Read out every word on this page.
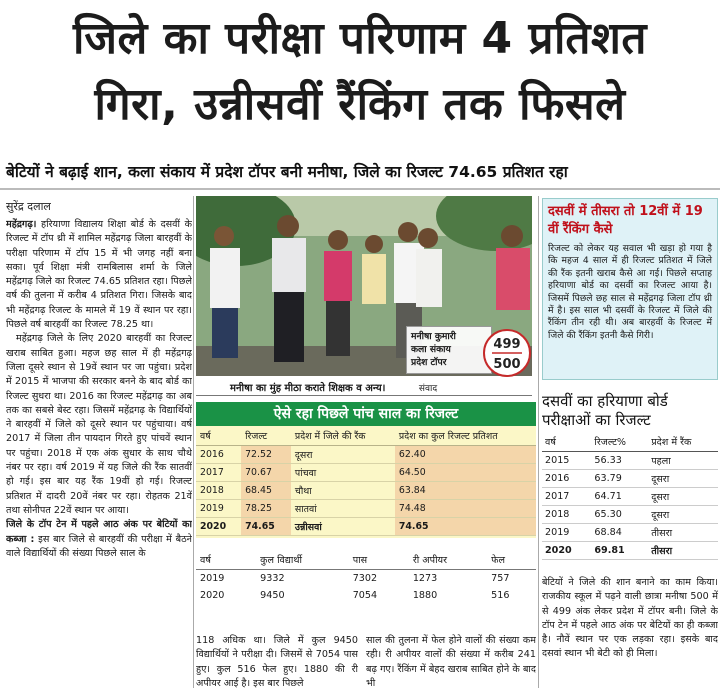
जिले का परीक्षा परिणाम 4 प्रतिशत
गिरा, उन्नीसवीं रैंकिंग तक फिसले
बेटियों ने बढ़ाई शान, कला संकाय में प्रदेश टॉपर बनी मनीषा, जिले का रिजल्ट 74.65 प्रतिशत रहा
सुरेंद्र दलाल

महेंद्रगढ़। हरियाणा विद्यालय शिक्षा बोर्ड के दसवीं के रिजल्ट में टॉप थ्री में शामिल महेंद्रगढ़ जिला बारहवीं के परीक्षा परिणाम में टॉप 15 में भी जगह नहीं बना सका। पूर्व शिक्षा मंत्री रामबिलास शर्मा के जिले महेंद्रगढ़ जिले का रिजल्ट 74.65 प्रतिशत रहा। पिछले वर्ष की तुलना में करीब 4 प्रतिशत गिरा। जिसके बाद भी महेंद्रगढ़ रिजल्ट के मामले में 19 वें स्थान पर रहा। पिछले वर्ष बारहवीं का रिजल्ट 78.25 था।

महेंद्रगढ़ जिले के लिए 2020 बारहवीं का रिजल्ट खराब साबित हुआ। महज छह साल में ही महेंद्रगढ़ जिला दूसरे स्थान से 19वें स्थान पर जा पहुंचा। प्रदेश में 2015 में भाजपा की सरकार बनने के बाद बोर्ड का रिजल्ट सुधरा था। 2016 का रिजल्ट महेंद्रगढ़ का अब तक का सबसे बेस्ट रहा। जिसमें महेंद्रगढ़ के विद्यार्थियों ने बारहवीं में जिले को दूसरे स्थान पर पहुंचाया। वर्ष 2017 में जिला तीन पायदान गिरते हुए पांचवें स्थान पर पहुंचा। 2018 में एक अंक सुधार के साथ चौथे नंबर पर रहा। वर्ष 2019 में यह जिले की रैंक सातवीं हो गई। इस बार यह रैंक 19वीं हो गई। रिजल्ट प्रतिशत में दादरी 20वें नंबर पर रहा। रोहतक 21वें तथा सोनीपत 22वें स्थान पर आया।

जिले के टॉप टेन में पहले आठ अंक पर बेटियों का कब्जा : इस बार जिले से बारहवीं की परीक्षा में बैठने वाले विद्यार्थियों की संख्या पिछले साल के

मनीषा कुमारी
कला संकाय
प्रदेश टॉपर
499
500
मनीषा का मुंह मीठा कराते शिक्षक व अन्य।	संवाद
दसवीं में तीसरा तो 12वीं में 19 वीं रैंकिंग कैसे
रिजल्ट को लेकर यह सवाल भी खड़ा हो गया है कि महज 4 साल में ही रिजल्ट प्रतिशत में जिले की रैंक इतनी खराब कैसे आ गई। पिछले सप्ताह हरियाणा बोर्ड का दसवीं का रिजल्ट आया है। जिसमें पिछले छह साल से महेंद्रगढ़ जिला टॉप थ्री में है। इस साल भी दसवीं के रिजल्ट में जिले की रैंकिंग तीन रही थी। अब बारहवीं के रिजल्ट में जिले की रैंकिंग इतनी कैसे गिरी।
ऐसे रहा पिछले पांच साल का रिजल्ट
वर्ष	रिजल्ट	प्रदेश में जिले की रैंक	प्रदेश का कुल रिजल्ट प्रतिशत
2016	72.52	दूसरा	62.40
2017	70.67	पांचवा	64.50
2018	68.45	चौथा	63.84
2019	78.25	सातवां	74.48
2020	74.65	उन्नीसवां	74.65
वर्ष	कुल विद्यार्थी	पास	री अपीयर	फेल
2019	9332	7302	1273	757
2020	9450	7054	1880	516
दसवीं का हरियाणा बोर्ड परीक्षाओं का रिजल्ट
वर्ष	रिजल्ट%	प्रदेश में रैंक
2015	56.33	पहला
2016	63.79	दूसरा
2017	64.71	दूसरा
2018	65.30	दूसरा
2019	68.84	तीसरा
2020	69.81	तीसरा
118 अधिक था। जिले में कुल 9450 विद्यार्थियों ने परीक्षा दी। जिसमें से 7054 पास हुए। कुल 516 फेल हुए। 1880 की री अपीयर आई है। इस बार पिछले
साल की तुलना में फेल होने वालों की संख्या कम रही। री अपीयर वालों की संख्या में करीब 241 बढ़ गए। रैंकिंग में बेहद खराब साबित होने के बाद भी
बेटियों ने जिले की शान बनाने का काम किया। राजकीय स्कूल में पढ़ने वाली छात्रा मनीषा 500 में से 499 अंक लेकर प्रदेश में टॉपर बनी। जिले के टॉप टेन में पहले आठ अंक पर बेटियों का ही कब्जा है। नौवें स्थान पर एक लड़का रहा। इसके बाद दसवां स्थान भी बेटी को ही मिला।
